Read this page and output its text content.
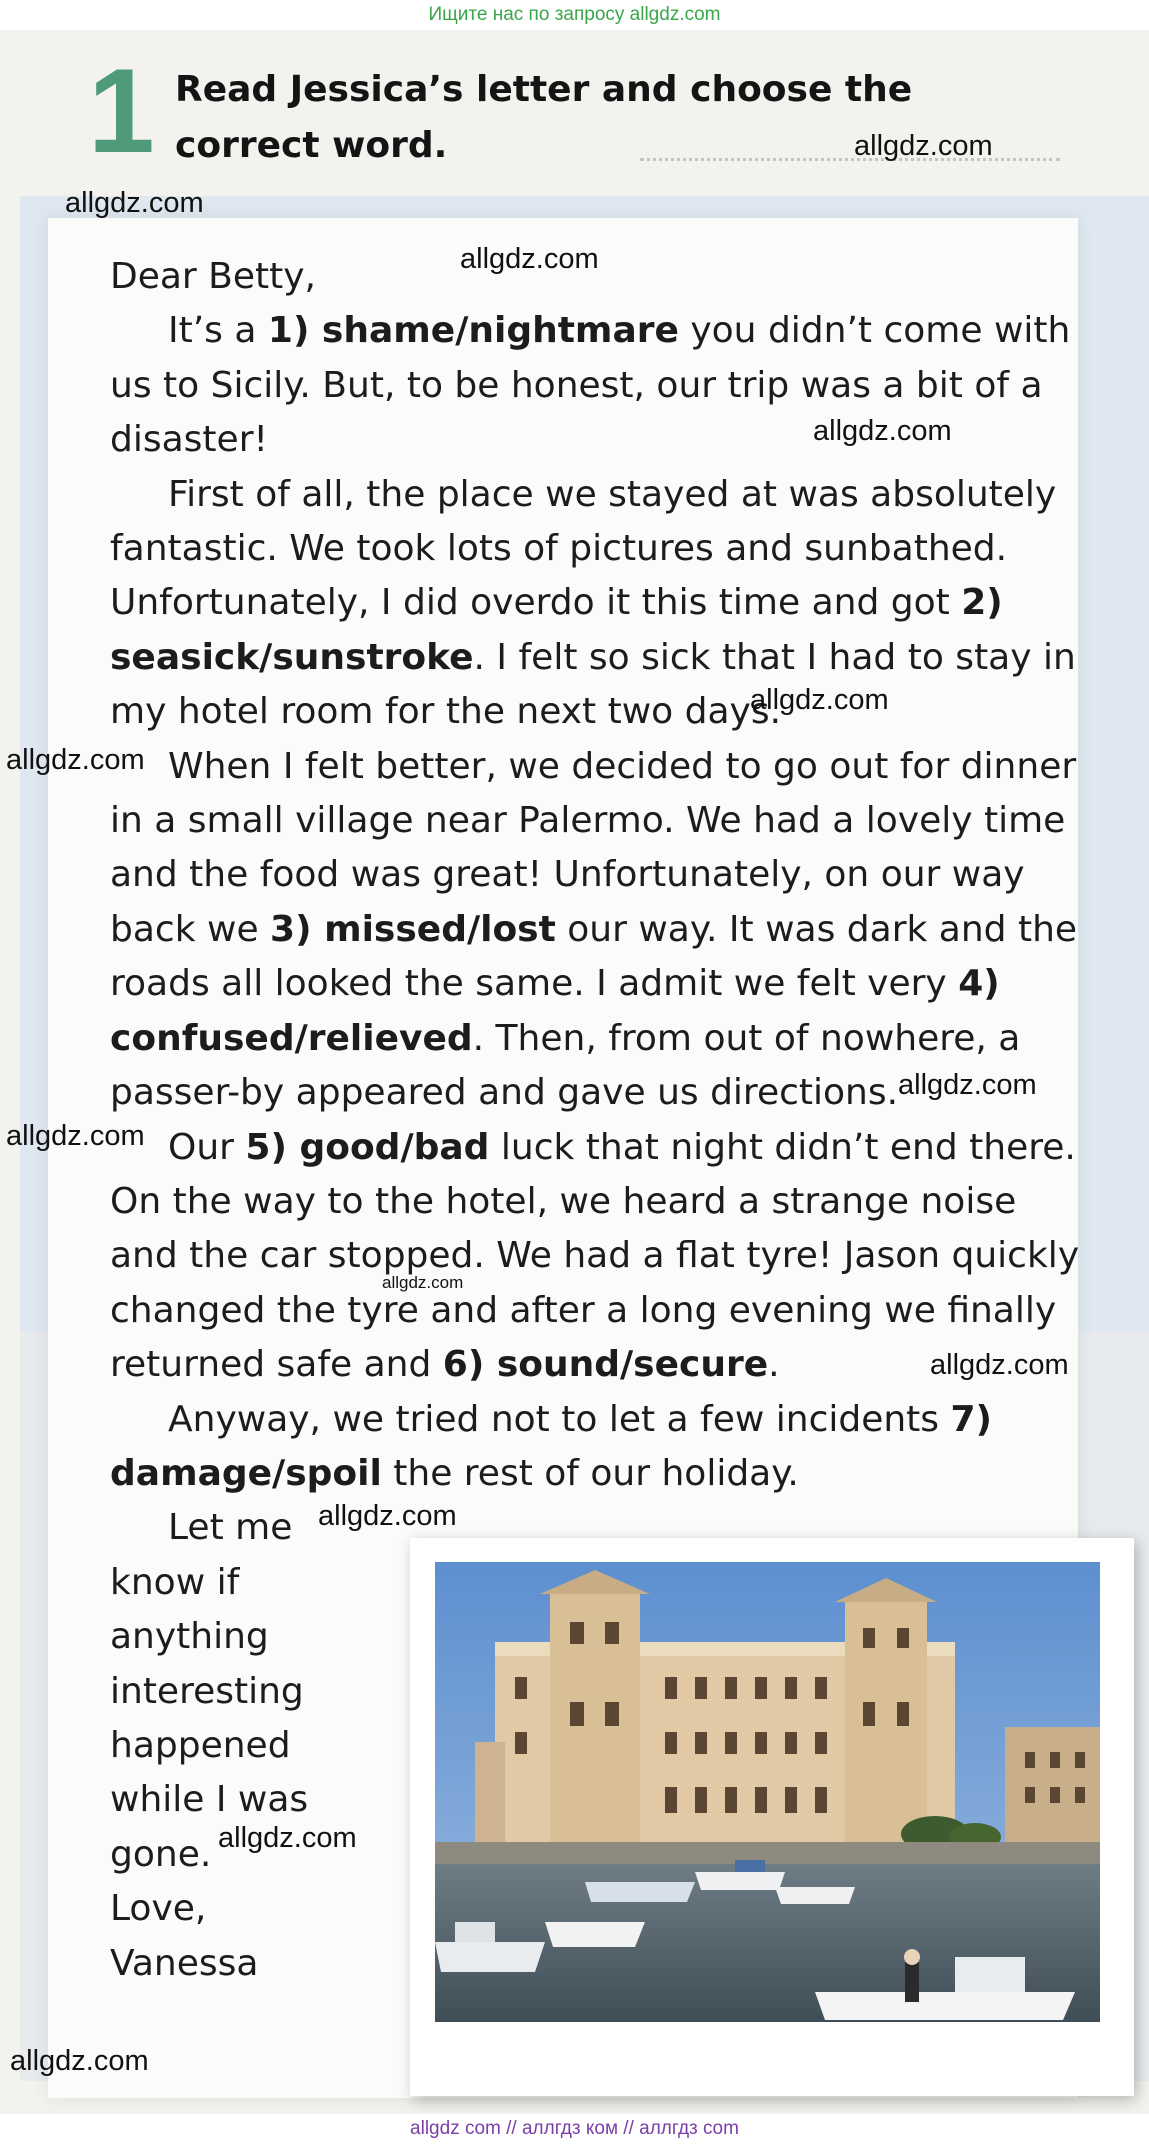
Ищите нас по запросу allgdz.com
1 Read Jessica’s letter and choose the correct word.

Dear Betty,

It’s a 1) shame/nightmare you didn’t come with us to Sicily. But, to be honest, our trip was a bit of a disaster!

First of all, the place we stayed at was absolutely fantastic. We took lots of pictures and sunbathed. Unfortunately, I did overdo it this time and got 2) seasick/sunstroke. I felt so sick that I had to stay in my hotel room for the next two days.

When I felt better, we decided to go out for dinner in a small village near Palermo. We had a lovely time and the food was great! Unfortunately, on our way back we 3) missed/lost our way. It was dark and the roads all looked the same. I admit we felt very 4) confused/relieved. Then, from out of nowhere, a passer-by appeared and gave us directions.

Our 5) good/bad luck that night didn’t end there. On the way to the hotel, we heard a strange noise and the car stopped. We had a flat tyre! Jason quickly changed the tyre and after a long evening we finally returned safe and 6) sound/secure.

Anyway, we tried not to let a few incidents 7) damage/spoil the rest of our holiday.

Let me
know if
anything
interesting
happened
while I was
gone.
Love,
Vanessa
allgdz.com
allgdz.com
allgdz.com
allgdz.com
allgdz.com
allgdz.com
allgdz.com
allgdz.com
allgdz.com
allgdz.com
allgdz.com
allgdz.com
allgdz.com
allgdz com // аллгдз ком // аллгдз com
